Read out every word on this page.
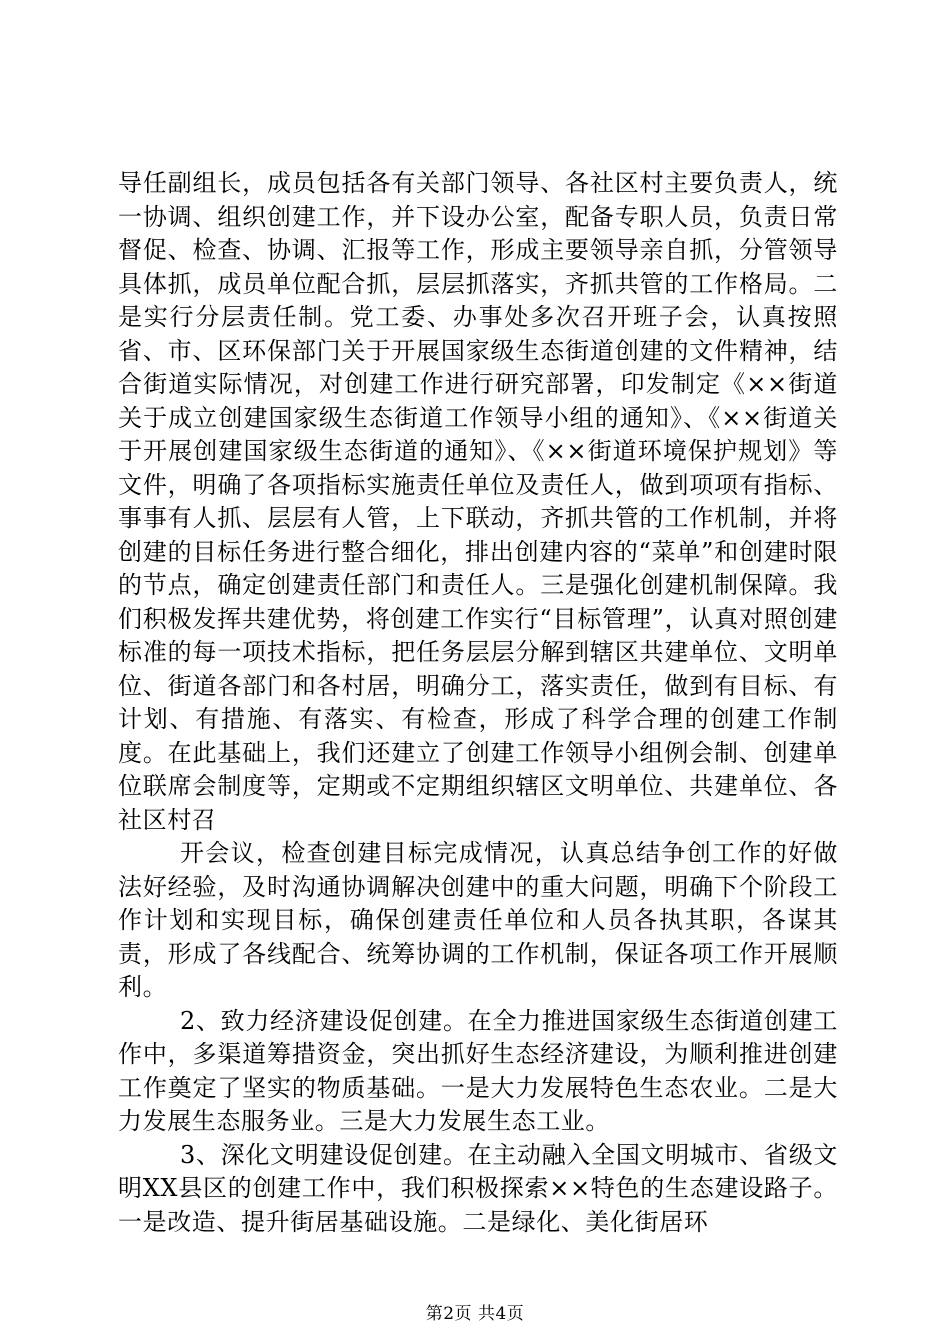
导任副组长，成员包括各有关部门领导、各社区村主要负责人，统一协调、组织创建工作，并下设办公室，配备专职人员，负责日常督促、检查、协调、汇报等工作，形成主要领导亲自抓，分管领导具体抓，成员单位配合抓，层层抓落实，齐抓共管的工作格局。二是实行分层责任制。党工委、办事处多次召开班子会，认真按照省、市、区环保部门关于开展国家级生态街道创建的文件精神，结合街道实际情况，对创建工作进行研究部署，印发制定《××街道关于成立创建国家级生态街道工作领导小组的通知》、《××街道关于开展创建国家级生态街道的通知》、《××街道环境保护规划》等文件，明确了各项指标实施责任单位及责任人，做到项项有指标、事事有人抓、层层有人管，上下联动，齐抓共管的工作机制，并将创建的目标任务进行整合细化，排出创建内容的“菜单”和创建时限的节点，确定创建责任部门和责任人。三是强化创建机制保障。我们积极发挥共建优势，将创建工作实行“目标管理”，认真对照创建标准的每一项技术指标，把任务层层分解到辖区共建单位、文明单位、街道各部门和各村居，明确分工，落实责任，做到有目标、有计划、有措施、有落实、有检查，形成了科学合理的创建工作制度。在此基础上，我们还建立了创建工作领导小组例会制、创建单位联席会制度等，定期或不定期组织辖区文明单位、共建单位、各社区村召

开会议，检查创建目标完成情况，认真总结争创工作的好做法好经验，及时沟通协调解决创建中的重大问题，明确下个阶段工作计划和实现目标，确保创建责任单位和人员各执其职，各谋其责，形成了各线配合、统筹协调的工作机制，保证各项工作开展顺利。

2、致力经济建设促创建。在全力推进国家级生态街道创建工作中，多渠道筹措资金，突出抓好生态经济建设，为顺利推进创建工作奠定了坚实的物质基础。一是大力发展特色生态农业。二是大力发展生态服务业。三是大力发展生态工业。

3、深化文明建设促创建。在主动融入全国文明城市、省级文明XX县区的创建工作中，我们积极探索××特色的生态建设路子。一是改造、提升街居基础设施。二是绿化、美化街居环

第2页 共4页
